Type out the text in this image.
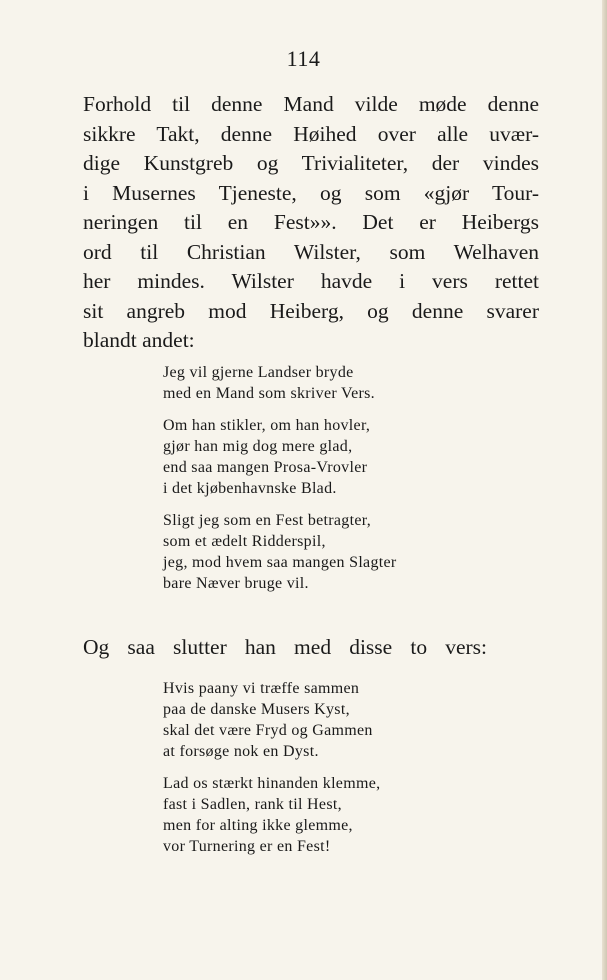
114
Forhold til denne Mand vilde møde denne
sikkre Takt, denne Høihed over alle uvær-
dige Kunstgreb og Trivialiteter, der vindes
i Musernes Tjeneste, og som «gjør Tour-
neringen til en Fest»». Det er Heibergs
ord til Christian Wilster, som Welhaven
her mindes. Wilster havde i vers rettet
sit angreb mod Heiberg, og denne svarer
blandt andet:
Jeg vil gjerne Landser bryde
med en Mand som skriver Vers.
Om han stikler, om han hovler,
gjør han mig dog mere glad,
end saa mangen Prosa-Vrovler
i det kjøbenhavnske Blad.
Sligt jeg som en Fest betragter,
som et ædelt Ridderspil,
jeg, mod hvem saa mangen Slagter
bare Næver bruge vil.
Og saa slutter han med disse to vers:
Hvis paany vi træffe sammen
paa de danske Musers Kyst,
skal det være Fryd og Gammen
at forsøge nok en Dyst.
Lad os stærkt hinanden klemme,
fast i Sadlen, rank til Hest,
men for alting ikke glemme,
vor Turnering er en Fest!
